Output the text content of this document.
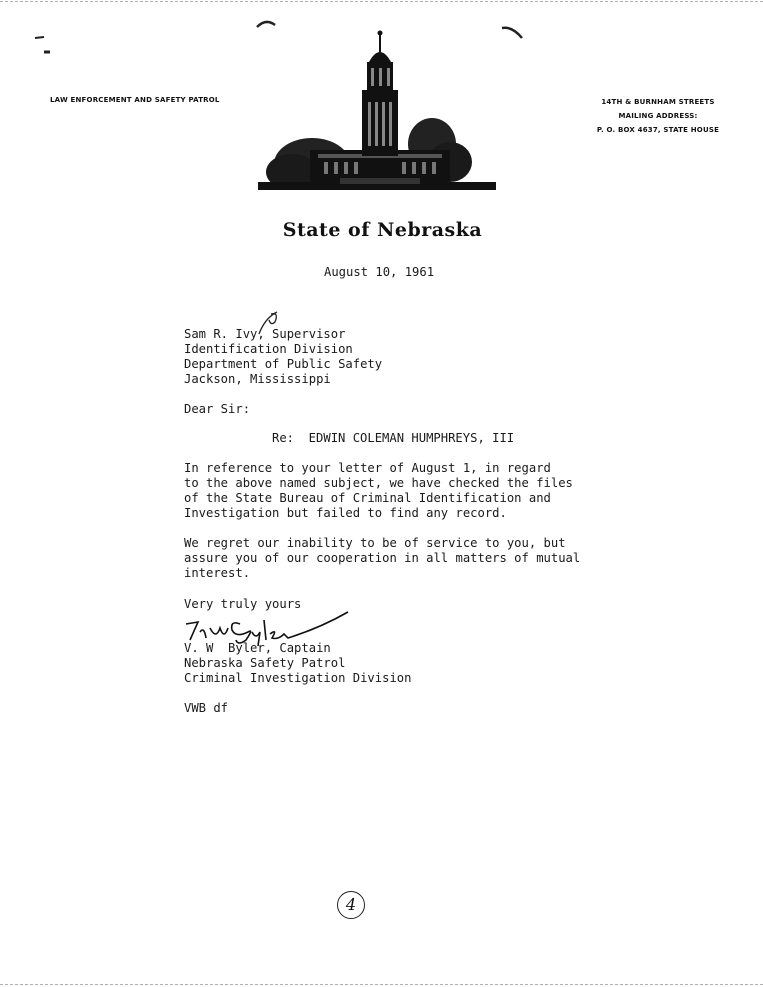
LAW ENFORCEMENT AND SAFETY PATROL	14TH & BURNHAM STREETS
MAILING ADDRESS:
P. O. BOX 4637, STATE HOUSE
State of Nebraska
August 10, 1961
Sam R. Ivy, Supervisor
Identification Division
Department of Public Safety
Jackson, Mississippi
Dear Sir:
Re:  EDWIN COLEMAN HUMPHREYS, III
In reference to your letter of August 1, in regard
to the above named subject, we have checked the files
of the State Bureau of Criminal Identification and
Investigation but failed to find any record.
We regret our inability to be of service to you, but
assure you of our cooperation in all matters of mutual
interest.
Very truly yours
V. W  Byler, Captain
Nebraska Safety Patrol
Criminal Investigation Division
VWB df
4
